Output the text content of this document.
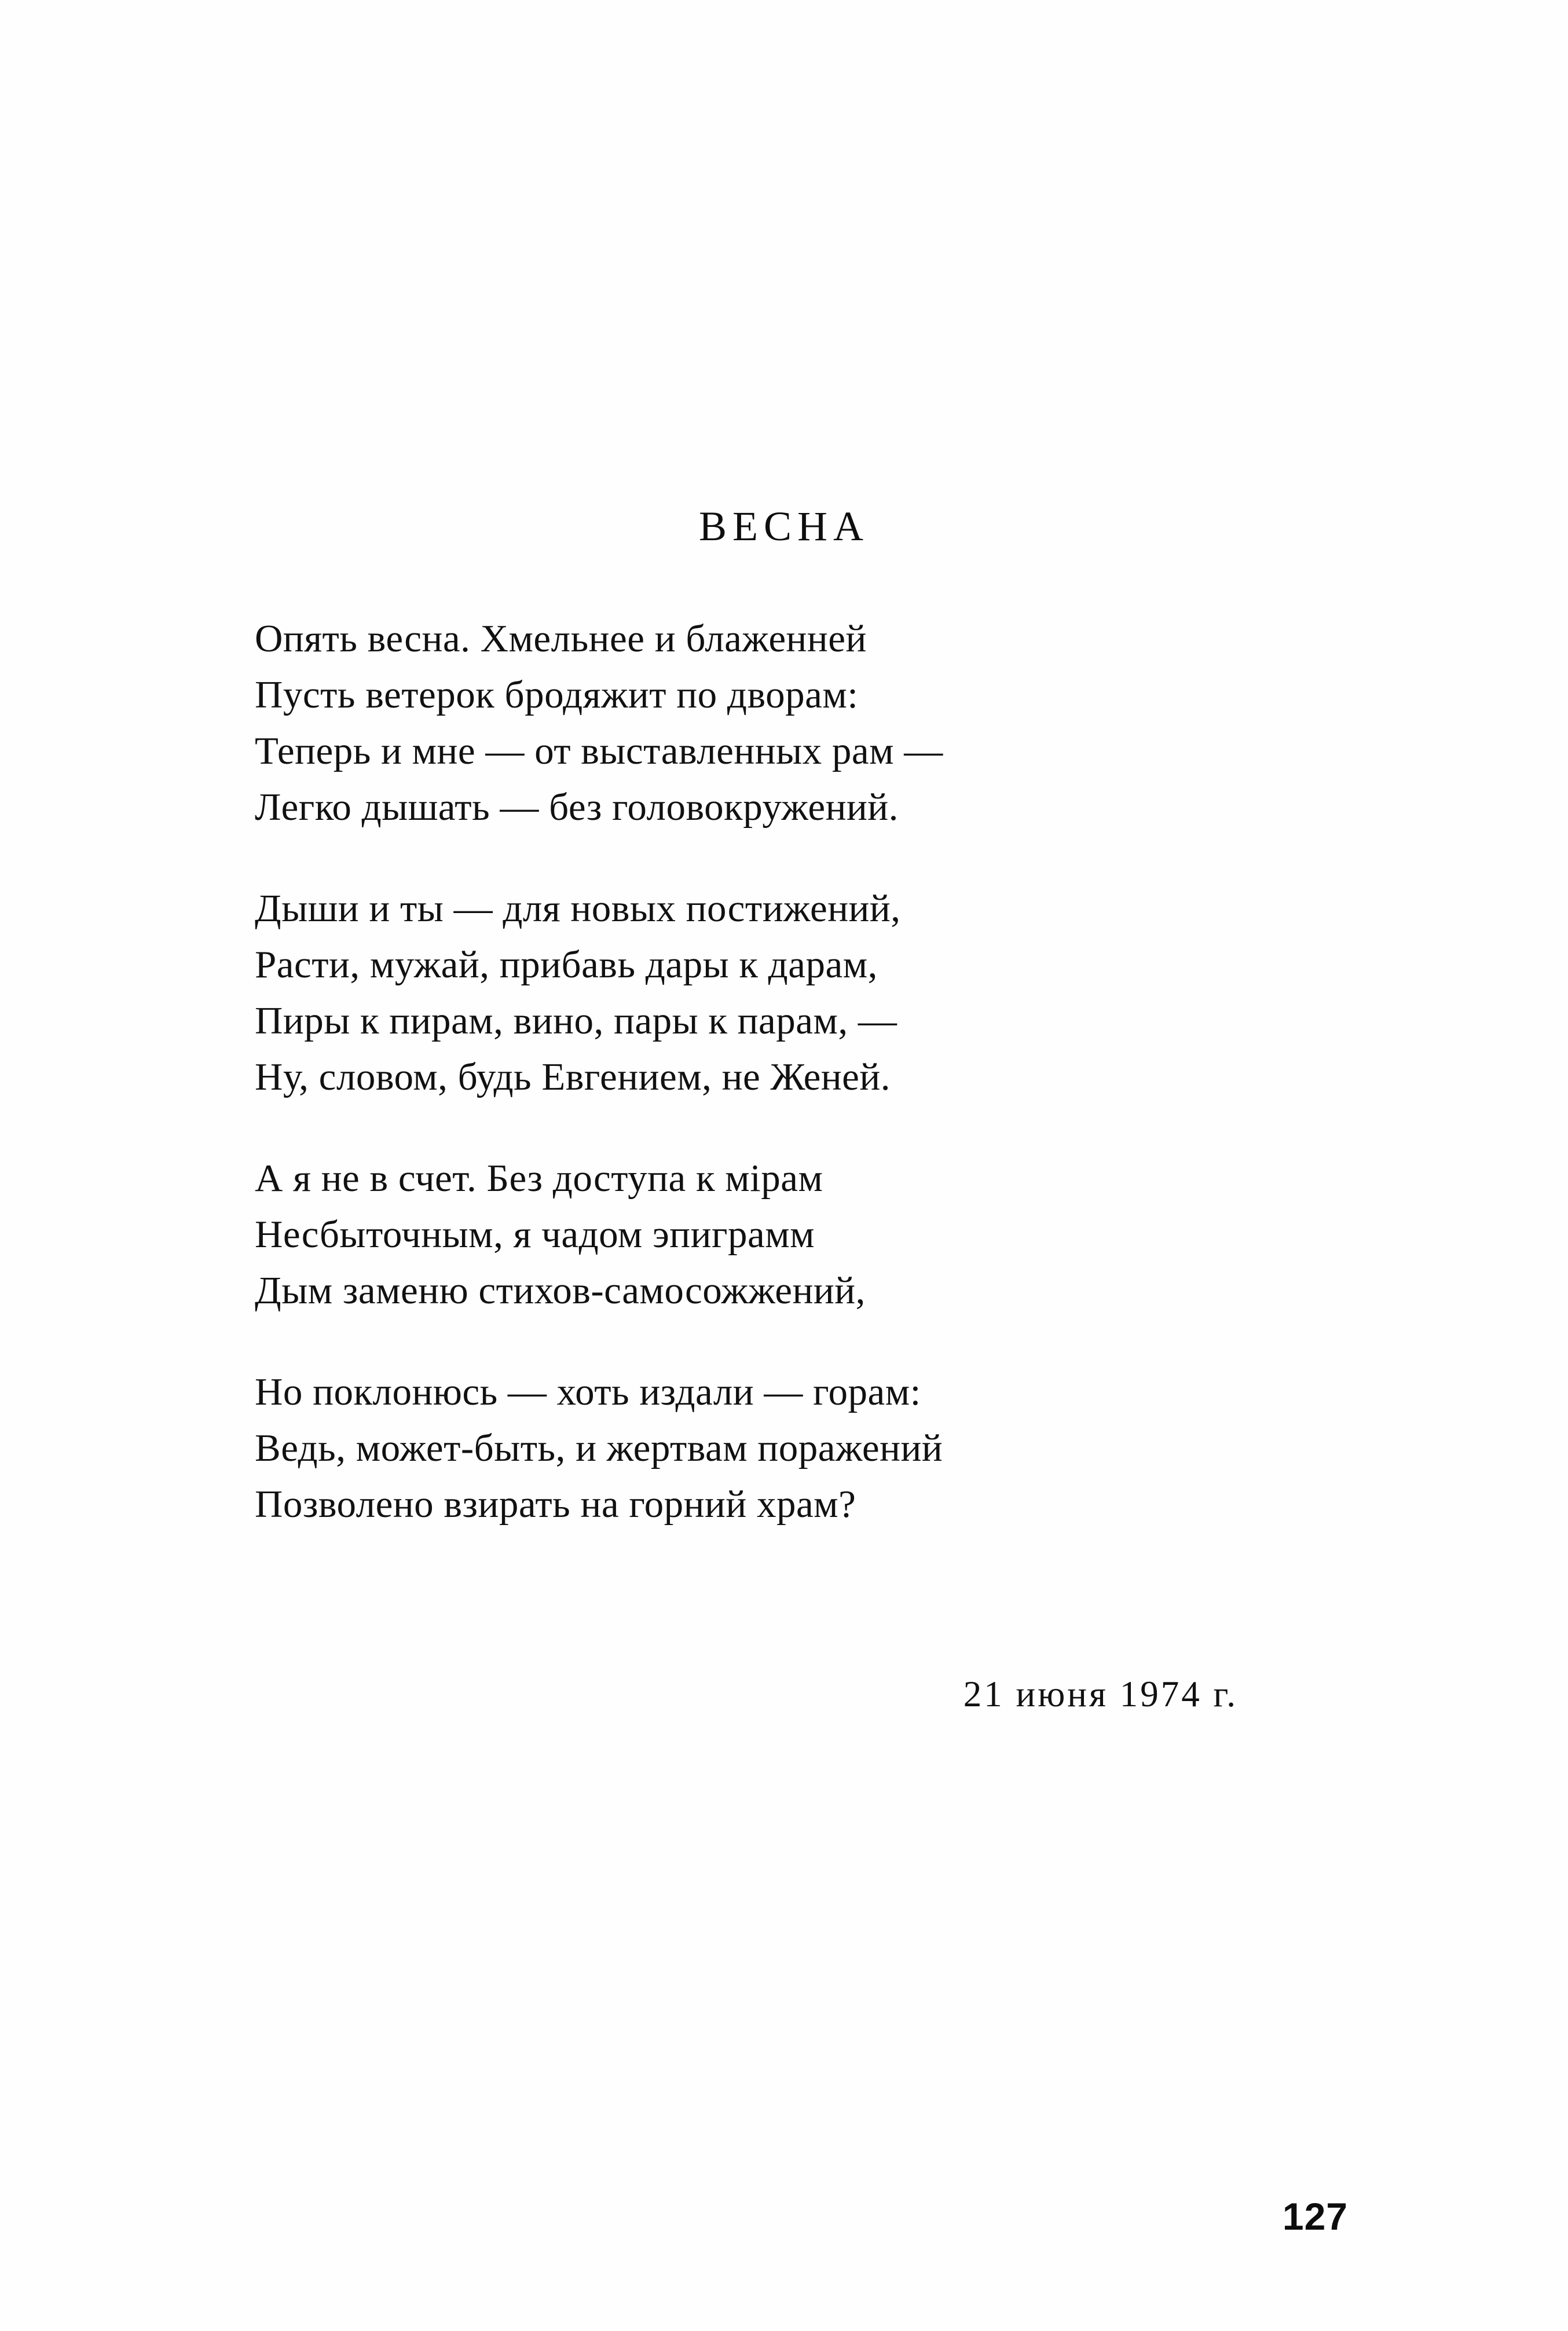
ВЕСНА
Опять весна. Хмельнее и блаженней
Пусть ветерок бродяжит по дворам:
Теперь и мне — от выставленных рам —
Легко дышать — без головокружений.
Дыши и ты — для новых постижений,
Расти, мужай, прибавь дары к дарам,
Пиры к пирам, вино, пары к парам, —
Ну, словом, будь Евгением, не Женей.
А я не в счет. Без доступа к мiрам
Несбыточным, я чадом эпиграмм
Дым заменю стихов-самосожжений,
Но поклонюсь — хоть издали — горам:
Ведь, может-быть, и жертвам поражений
Позволено взирать на горний храм?
21 июня 1974 г.
127
